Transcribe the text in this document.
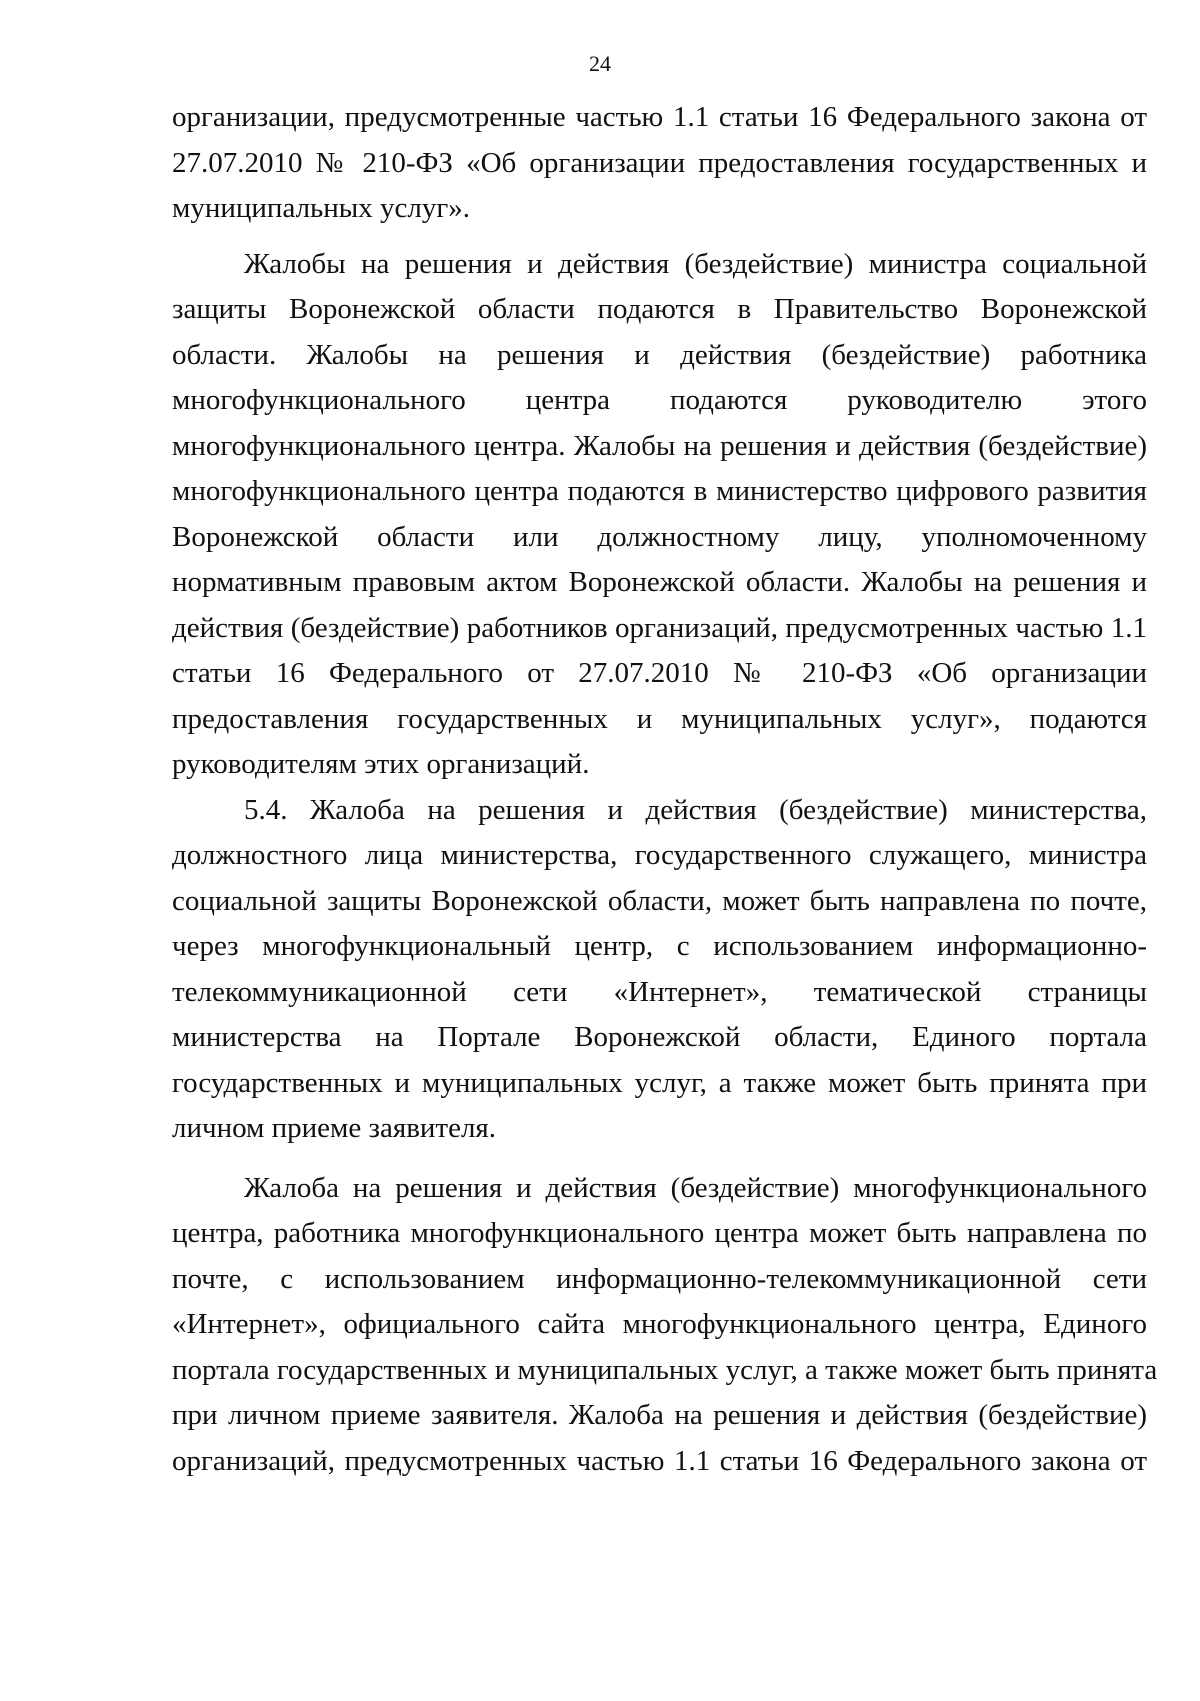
24

организации, предусмотренные частью 1.1 статьи 16 Федерального закона от

27.07.2010 № 210-ФЗ «Об организации предоставления государственных и

муниципальных услуг».

Жалобы на решения и действия (бездействие) министра социальной

защиты Воронежской области подаются в Правительство Воронежской

области. Жалобы на решения и действия (бездействие) работника

многофункционального центра подаются руководителю этого

многофункционального центра. Жалобы на решения и действия (бездействие)

многофункционального центра подаются в министерство цифрового развития

Воронежской области или должностному лицу, уполномоченному

нормативным правовым актом Воронежской области. Жалобы на решения и

действия (бездействие) работников организаций, предусмотренных частью 1.1

статьи 16 Федерального от 27.07.2010 № 210-ФЗ «Об организации

предоставления государственных и муниципальных услуг», подаются

руководителям этих организаций.

5.4. Жалоба на решения и действия (бездействие) министерства,

должностного лица министерства, государственного служащего, министра

социальной защиты Воронежской области, может быть направлена по почте,

через многофункциональный центр, с использованием информационно-

телекоммуникационной сети «Интернет», тематической страницы

министерства на Портале Воронежской области, Единого портала

государственных и муниципальных услуг, а также может быть принята при

личном приеме заявителя.

Жалоба на решения и действия (бездействие) многофункционального

центра, работника многофункционального центра может быть направлена по

почте, с использованием информационно-телекоммуникационной сети

«Интернет», официального сайта многофункционального центра, Единого

портала государственных и муниципальных услуг, а также может быть принята

при личном приеме заявителя. Жалоба на решения и действия (бездействие)

организаций, предусмотренных частью 1.1 статьи 16 Федерального закона от
